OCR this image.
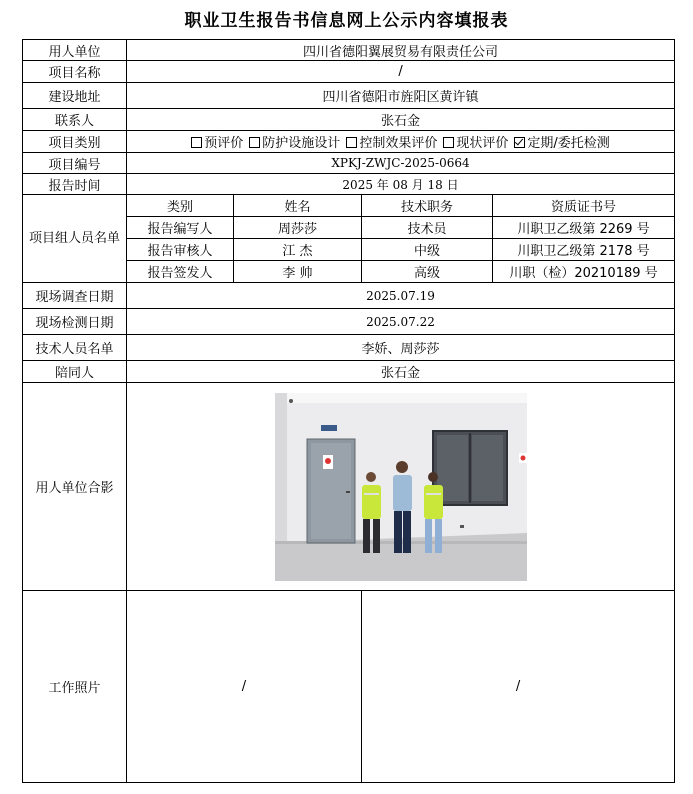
职业卫生报告书信息网上公示内容填报表
用人单位	四川省德阳翼展贸易有限责任公司			
项目名称	/			
建设地址	四川省德阳市旌阳区黄许镇			
联系人	张石金			
项目类别	预评价 防护设施设计 控制效果评价 现状评价 定期/委托检测			
项目编号	XPKJ-ZWJC-2025-0664			
报告时间	2025 年 08 月 18 日			
项目组人员名单	类别	姓名	技术职务	资质证书号
	报告编写人	周莎莎	技术员	川职卫乙级第 2269 号
	报告审核人	江 杰	中级	川职卫乙级第 2178 号
	报告签发人	李 帅	高级	川职（检）20210189 号
现场调查日期	2025.07.19			
现场检测日期	2025.07.22			
技术人员名单	李娇、周莎莎			
陪同人	张石金			
用人单位合影	

工作照片	/		/	
